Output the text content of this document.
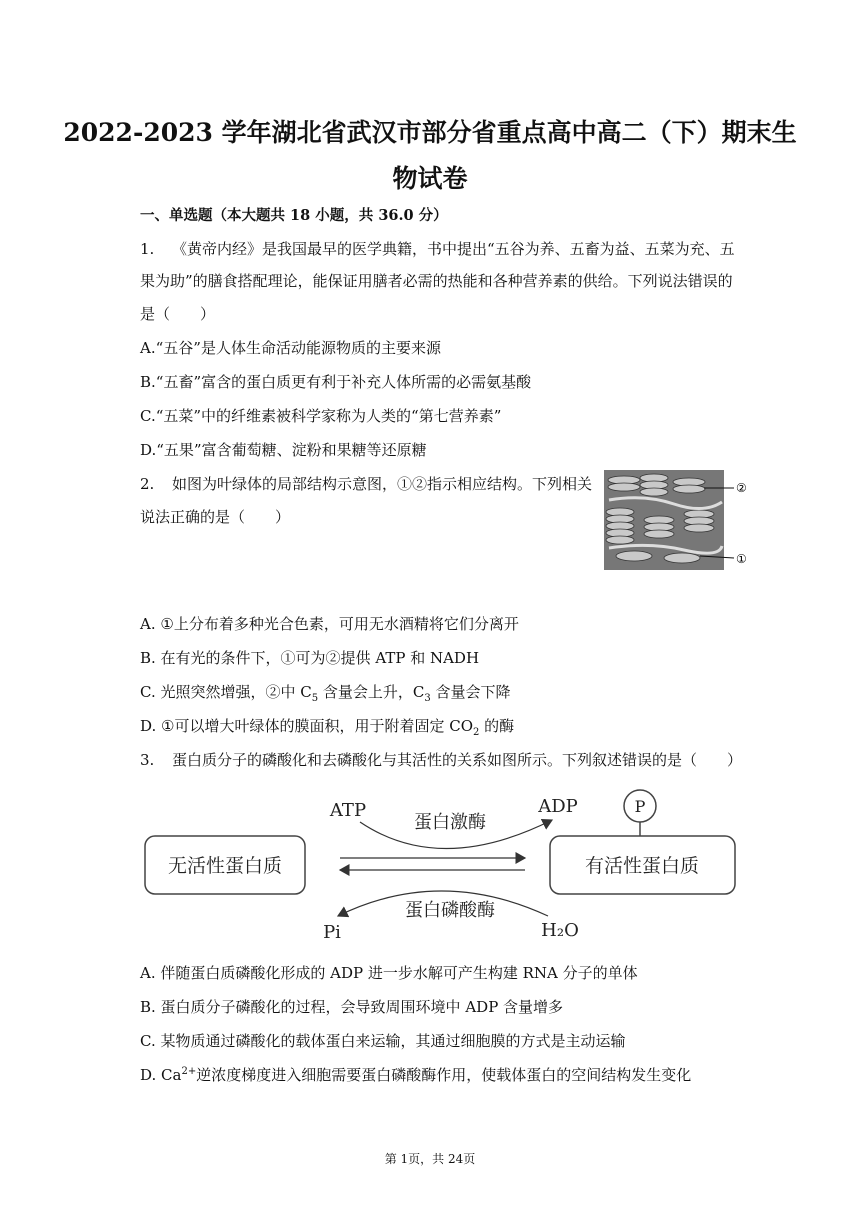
2022-2023 学年湖北省武汉市部分省重点高中高二（下）期末生
物试卷
一、单选题（本大题共 18 小题，共 36.0 分）
1. 《黄帝内经》是我国最早的医学典籍，书中提出“五谷为养、五畜为益、五菜为充、五
果为助”的膳食搭配理论，能保证用膳者必需的热能和各种营养素的供给。下列说法错误的
是（　　）
A.“五谷”是人体生命活动能源物质的主要来源
B.“五畜”富含的蛋白质更有利于补充人体所需的必需氨基酸
C.“五菜”中的纤维素被科学家称为人类的“第七营养素”
D.“五果”富含葡萄糖、淀粉和果糖等还原糖
2. 如图为叶绿体的局部结构示意图，①②指示相应结构。下列相关
说法正确的是（　　）
②
①
A. ①上分布着多种光合色素，可用无水酒精将它们分离开
B. 在有光的条件下，①可为②提供 ATP 和 NADH
C. 光照突然增强，②中 $C_5$ 含量会上升，$C_3$ 含量会下降
D. ①可以增大叶绿体的膜面积，用于附着固定 $CO_2$ 的酶
3. 蛋白质分子的磷酸化和去磷酸化与其活性的关系如图所示。下列叙述错误的是（　　）
无活性蛋白质	有活性蛋白质
P
ATP	ADP
蛋白激酶
蛋白磷酸酶
Pi	H₂O
A. 伴随蛋白质磷酸化形成的 ADP 进一步水解可产生构建 RNA 分子的单体
B. 蛋白质分子磷酸化的过程，会导致周围环境中 ADP 含量增多
C. 某物质通过磷酸化的载体蛋白来运输，其通过细胞膜的方式是主动运输
D. $Ca^{2+}$逆浓度梯度进入细胞需要蛋白磷酸酶作用，使载体蛋白的空间结构发生变化
第 1页，共 24页
